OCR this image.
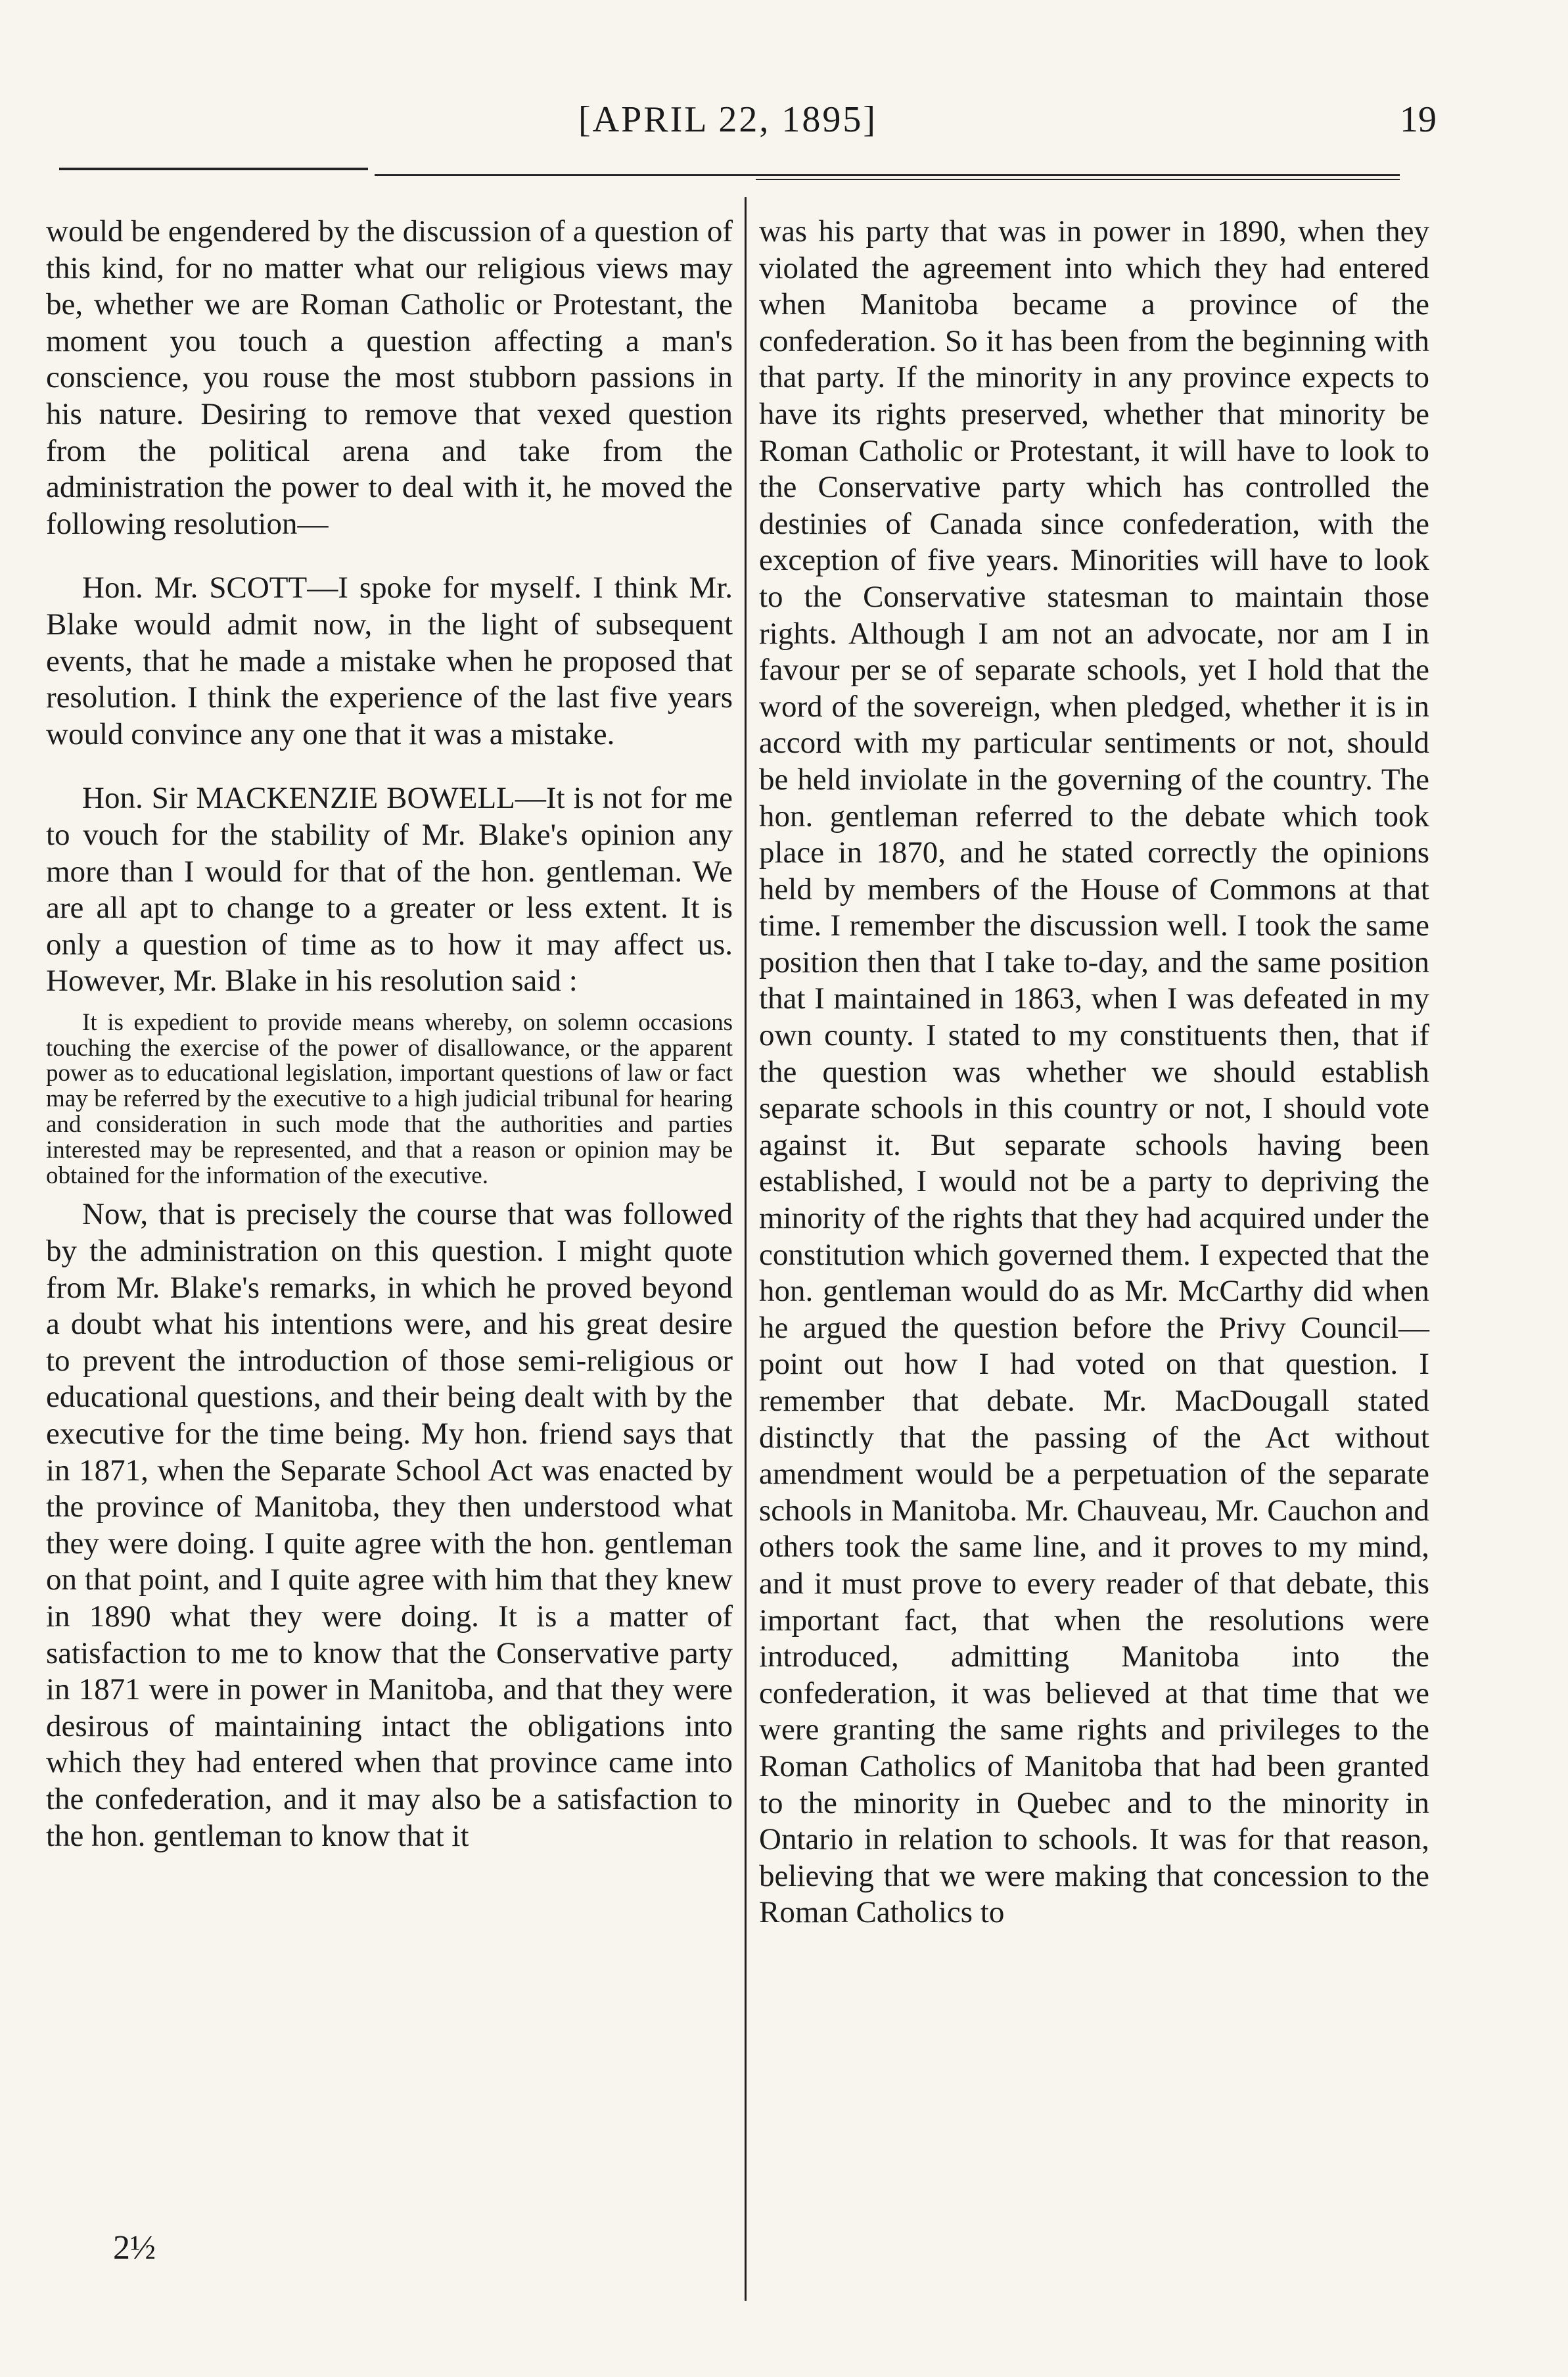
[APRIL 22, 1895]	19

would be engendered by the discussion of a question of this kind, for no matter what our religious views may be, whether we are Roman Catholic or Protestant, the moment you touch a question affecting a man's conscience, you rouse the most stubborn passions in his nature. Desiring to remove that vexed question from the political arena and take from the administration the power to deal with it, he moved the following resolution—

Hon. Mr. SCOTT—I spoke for myself. I think Mr. Blake would admit now, in the light of subsequent events, that he made a mistake when he proposed that resolution. I think the experience of the last five years would convince any one that it was a mistake.

Hon. Sir MACKENZIE BOWELL—It is not for me to vouch for the stability of Mr. Blake's opinion any more than I would for that of the hon. gentleman. We are all apt to change to a greater or less extent. It is only a question of time as to how it may affect us. However, Mr. Blake in his resolution said :

It is expedient to provide means whereby, on solemn occasions touching the exercise of the power of disallowance, or the apparent power as to educational legislation, important questions of law or fact may be referred by the executive to a high judicial tribunal for hearing and consideration in such mode that the authorities and parties interested may be represented, and that a reason or opinion may be obtained for the information of the executive.

Now, that is precisely the course that was followed by the administration on this question. I might quote from Mr. Blake's remarks, in which he proved beyond a doubt what his intentions were, and his great desire to prevent the introduction of those semi-religious or educational questions, and their being dealt with by the executive for the time being. My hon. friend says that in 1871, when the Separate School Act was enacted by the province of Manitoba, they then understood what they were doing. I quite agree with the hon. gentleman on that point, and I quite agree with him that they knew in 1890 what they were doing. It is a matter of satisfaction to me to know that the Conservative party in 1871 were in power in Manitoba, and that they were desirous of maintaining intact the obligations into which they had entered when that province came into the confederation, and it may also be a satisfaction to the hon. gentleman to know that it

was his party that was in power in 1890, when they violated the agreement into which they had entered when Manitoba became a province of the confederation. So it has been from the beginning with that party. If the minority in any province expects to have its rights preserved, whether that minority be Roman Catholic or Protestant, it will have to look to the Conservative party which has controlled the destinies of Canada since confederation, with the exception of five years. Minorities will have to look to the Conservative statesman to maintain those rights. Although I am not an advocate, nor am I in favour per se of separate schools, yet I hold that the word of the sovereign, when pledged, whether it is in accord with my particular sentiments or not, should be held inviolate in the governing of the country. The hon. gentleman referred to the debate which took place in 1870, and he stated correctly the opinions held by members of the House of Commons at that time. I remember the discussion well. I took the same position then that I take to-day, and the same position that I maintained in 1863, when I was defeated in my own county. I stated to my constituents then, that if the question was whether we should establish separate schools in this country or not, I should vote against it. But separate schools having been established, I would not be a party to depriving the minority of the rights that they had acquired under the constitution which governed them. I expected that the hon. gentleman would do as Mr. McCarthy did when he argued the question before the Privy Council—point out how I had voted on that question. I remember that debate. Mr. MacDougall stated distinctly that the passing of the Act without amendment would be a perpetuation of the separate schools in Manitoba. Mr. Chauveau, Mr. Cauchon and others took the same line, and it proves to my mind, and it must prove to every reader of that debate, this important fact, that when the resolutions were introduced, admitting Manitoba into the confederation, it was believed at that time that we were granting the same rights and privileges to the Roman Catholics of Manitoba that had been granted to the minority in Quebec and to the minority in Ontario in relation to schools. It was for that reason, believing that we were making that concession to the Roman Catholics to

2½
